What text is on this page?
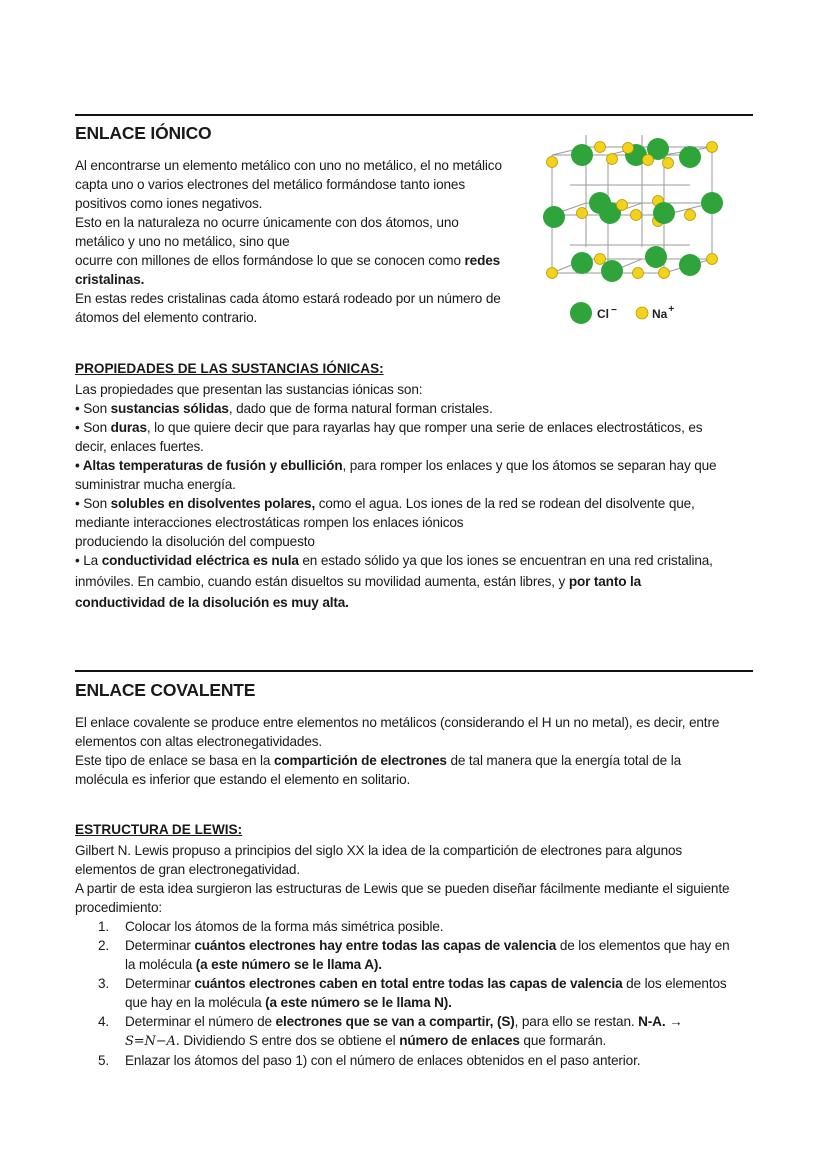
ENLACE IÓNICO
Al encontrarse un elemento metálico con uno no metálico, el no metálico
capta uno o varios electrones del metálico formándose tanto iones
positivos como iones negativos.
Esto en la naturaleza no ocurre únicamente con dos átomos, uno
metálico y uno no metálico, sino que
ocurre con millones de ellos formándose lo que se conocen como redes
cristalinas.
En estas redes cristalinas cada átomo estará rodeado por un número de
átomos del elemento contrario.	Cl −	Na+
PROPIEDADES DE LAS SUSTANCIAS IÓNICAS:
Las propiedades que presentan las sustancias iónicas son:
• Son sustancias sólidas, dado que de forma natural forman cristales.
• Son duras, lo que quiere decir que para rayarlas hay que romper una serie de enlaces electrostáticos, es
decir, enlaces fuertes.
• Altas temperaturas de fusión y ebullición, para romper los enlaces y que los átomos se separan hay que
suministrar mucha energía.
• Son solubles en disolventes polares, como el agua. Los iones de la red se rodean del disolvente que,
mediante interacciones electrostáticas rompen los enlaces iónicos
produciendo la disolución del compuesto
• La conductividad eléctrica es nula en estado sólido ya que los iones se encuentran en una red cristalina,
inmóviles. En cambio, cuando están disueltos su movilidad aumenta, están libres, y por tanto la
conductividad de la disolución es muy alta.
ENLACE COVALENTE
El enlace covalente se produce entre elementos no metálicos (considerando el H un no metal), es decir, entre
elementos con altas electronegatividades.
Este tipo de enlace se basa en la compartición de electrones de tal manera que la energía total de la
molécula es inferior que estando el elemento en solitario.
ESTRUCTURA DE LEWIS:
Gilbert N. Lewis propuso a principios del siglo XX la idea de la compartición de electrones para algunos
elementos de gran electronegatividad.
A partir de esta idea surgieron las estructuras de Lewis que se pueden diseñar fácilmente mediante el siguiente
procedimiento:
1. Colocar los átomos de la forma más simétrica posible.
2. Determinar cuántos electrones hay entre todas las capas de valencia de los elementos que hay en
la molécula (a este número se le llama A).
3. Determinar cuántos electrones caben en total entre todas las capas de valencia de los elementos
que hay en la molécula (a este número se le llama N).
4. Determinar el número de electrones que se van a compartir, (S), para ello se restan. N-A. →
S=N−A. Dividiendo S entre dos se obtiene el número de enlaces que formarán.
5. Enlazar los átomos del paso 1) con el número de enlaces obtenidos en el paso anterior.
